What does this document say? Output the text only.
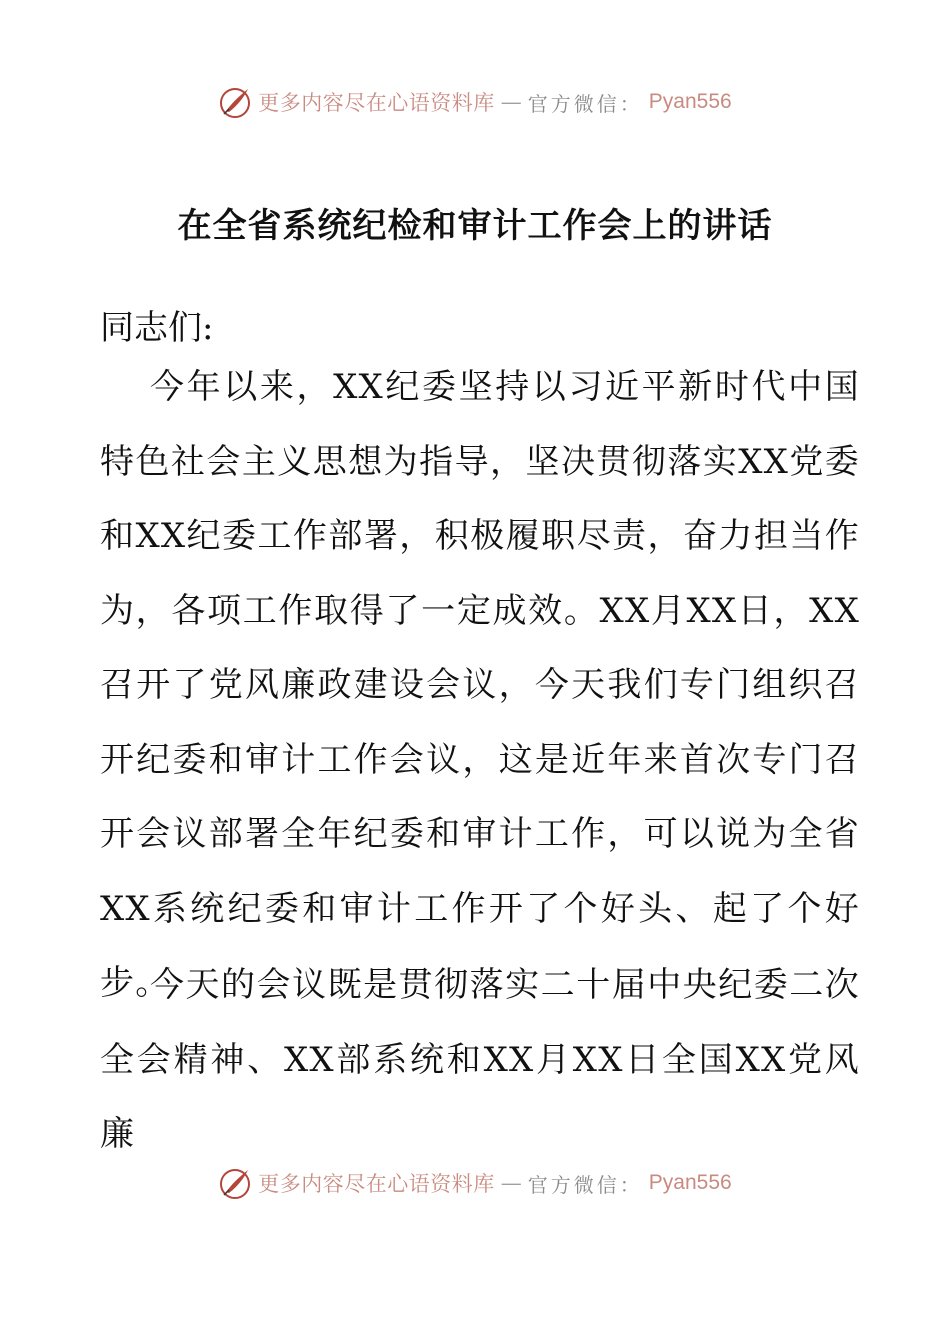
更多内容尽在心语资料库 — 官方微信： Pyan556
在全省系统纪检和审计工作会上的讲话
同志们:

今年以来，XX纪委坚持以习近平新时代中国特色社会主义思想为指导，坚决贯彻落实XX党委和XX纪委工作部署，积极履职尽责，奋力担当作为，各项工作取得了一定成效。XX月XX日，XX召开了党风廉政建设会议，今天我们专门组织召开纪委和审计工作会议，这是近年来首次专门召开会议部署全年纪委和审计工作，可以说为全省XX系统纪委和审计工作开了个好头、起了个好步。

今天的会议既是贯彻落实二十届中央纪委二次全会精神、XX部系统和XX月XX日全国XX党风廉

更多内容尽在心语资料库 — 官方微信： Pyan556
